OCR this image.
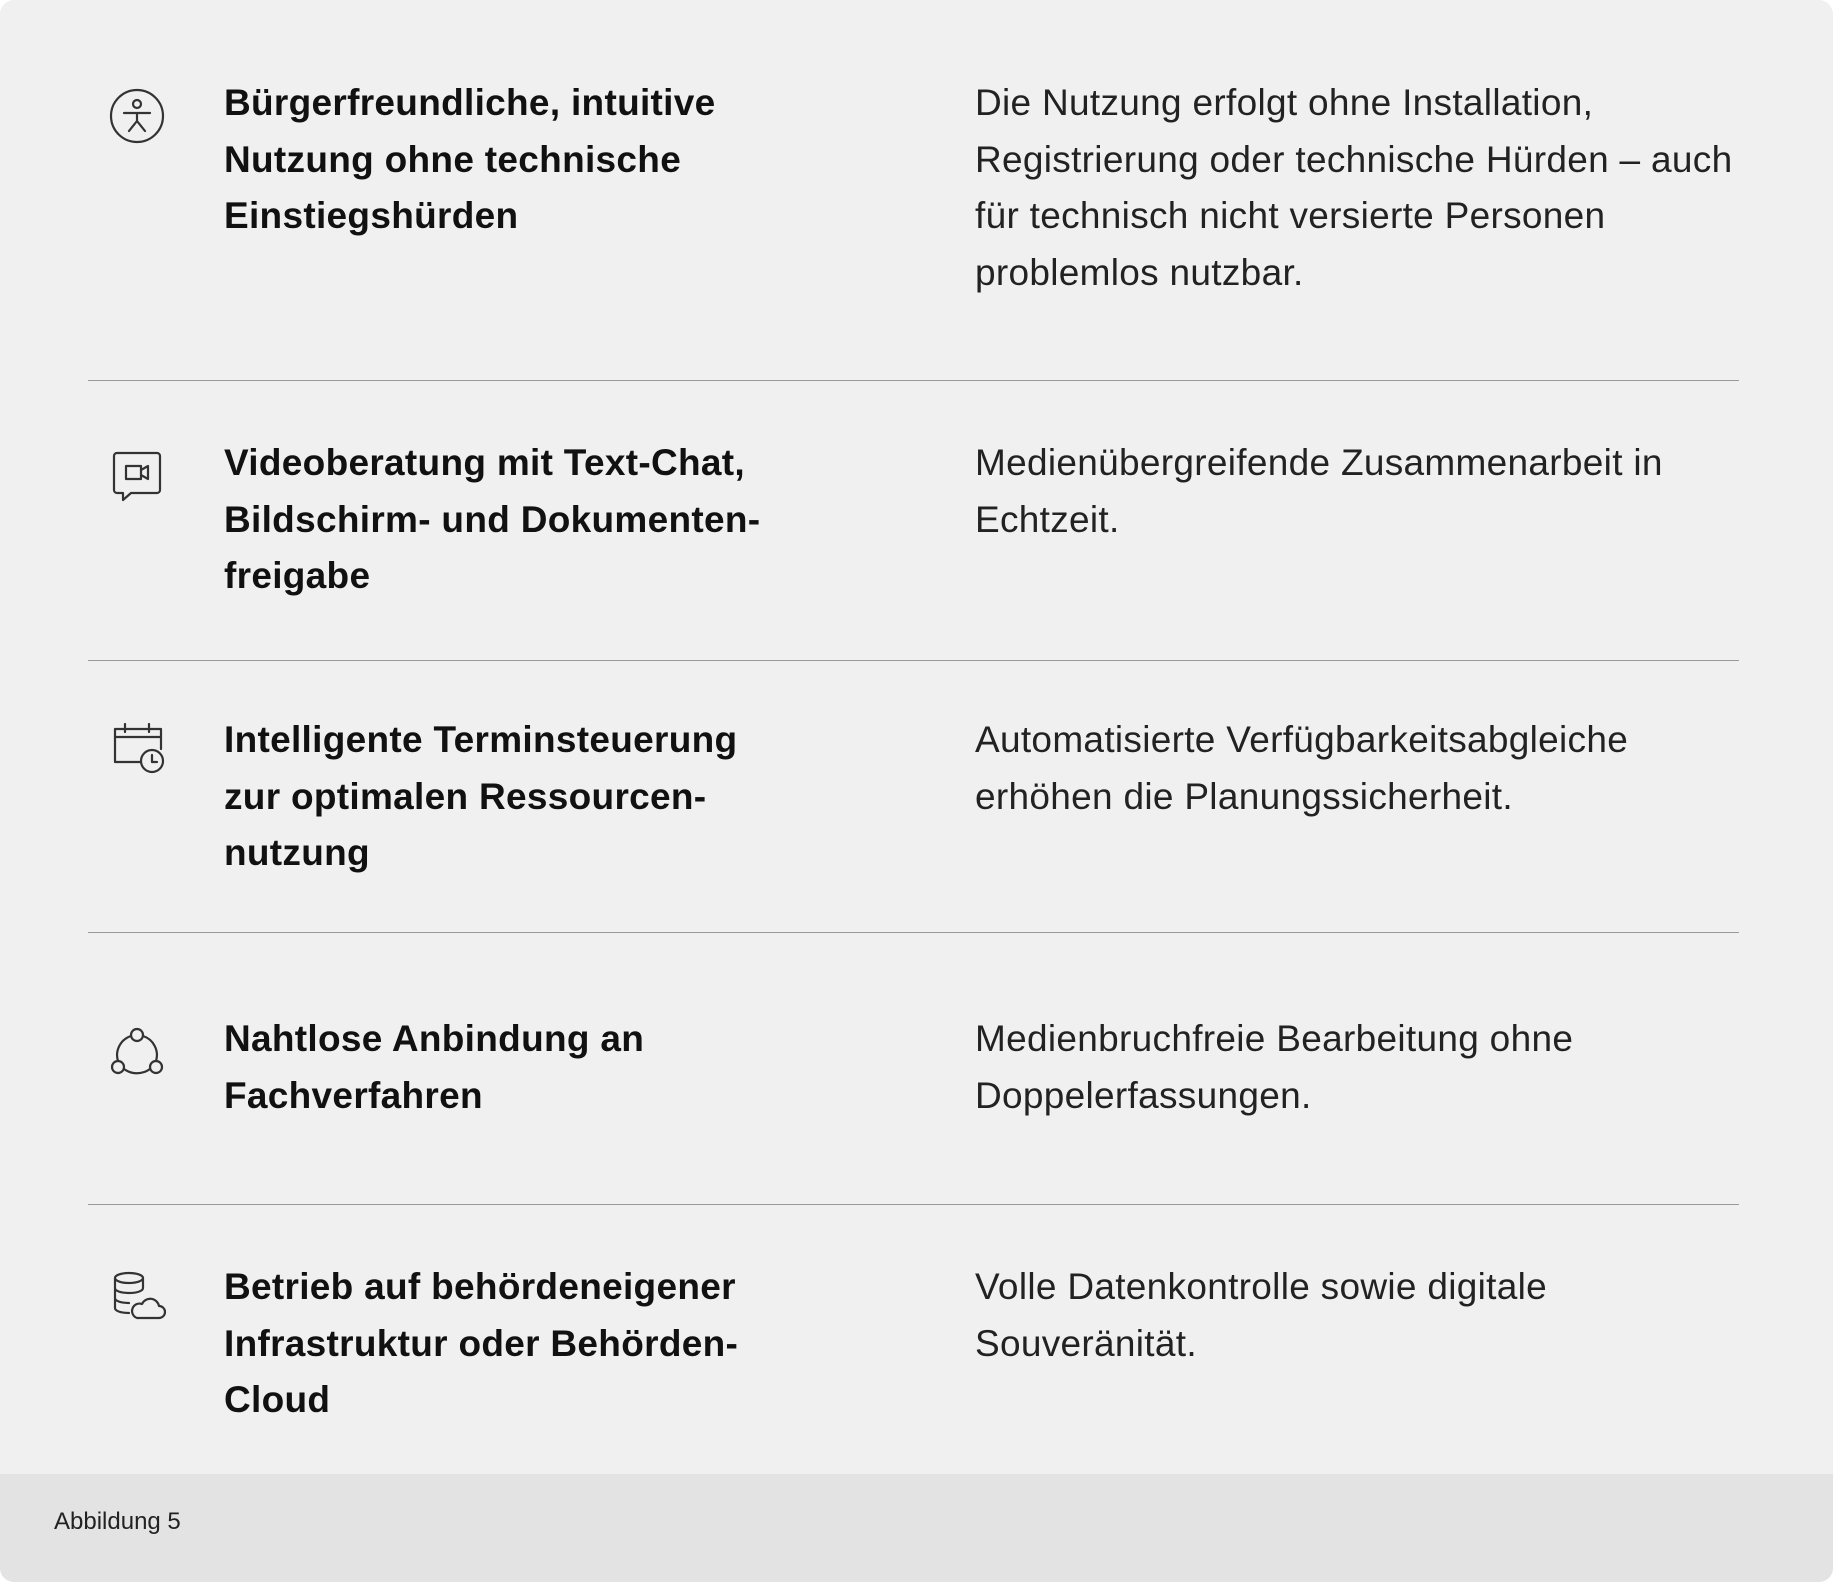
Bürgerfreundliche, intuitive Nutzung ohne technische Einstiegshürden
Die Nutzung erfolgt ohne Installation, Registrierung oder technische Hürden – auch für technisch nicht versierte Personen problemlos nutzbar.
Videoberatung mit Text-Chat, Bildschirm- und Dokumenten-freigabe
Medienübergreifende Zusammenarbeit in Echtzeit.
Intelligente Terminsteuerung zur optimalen Ressourcen-nutzung
Automatisierte Verfügbarkeitsabgleiche erhöhen die Planungssicherheit.
Nahtlose Anbindung an Fachverfahren
Medienbruchfreie Bearbeitung ohne Doppelerfassungen.
Betrieb auf behördeneigener Infrastruktur oder Behörden-Cloud
Volle Datenkontrolle sowie digitale Souveränität.
Abbildung 5
